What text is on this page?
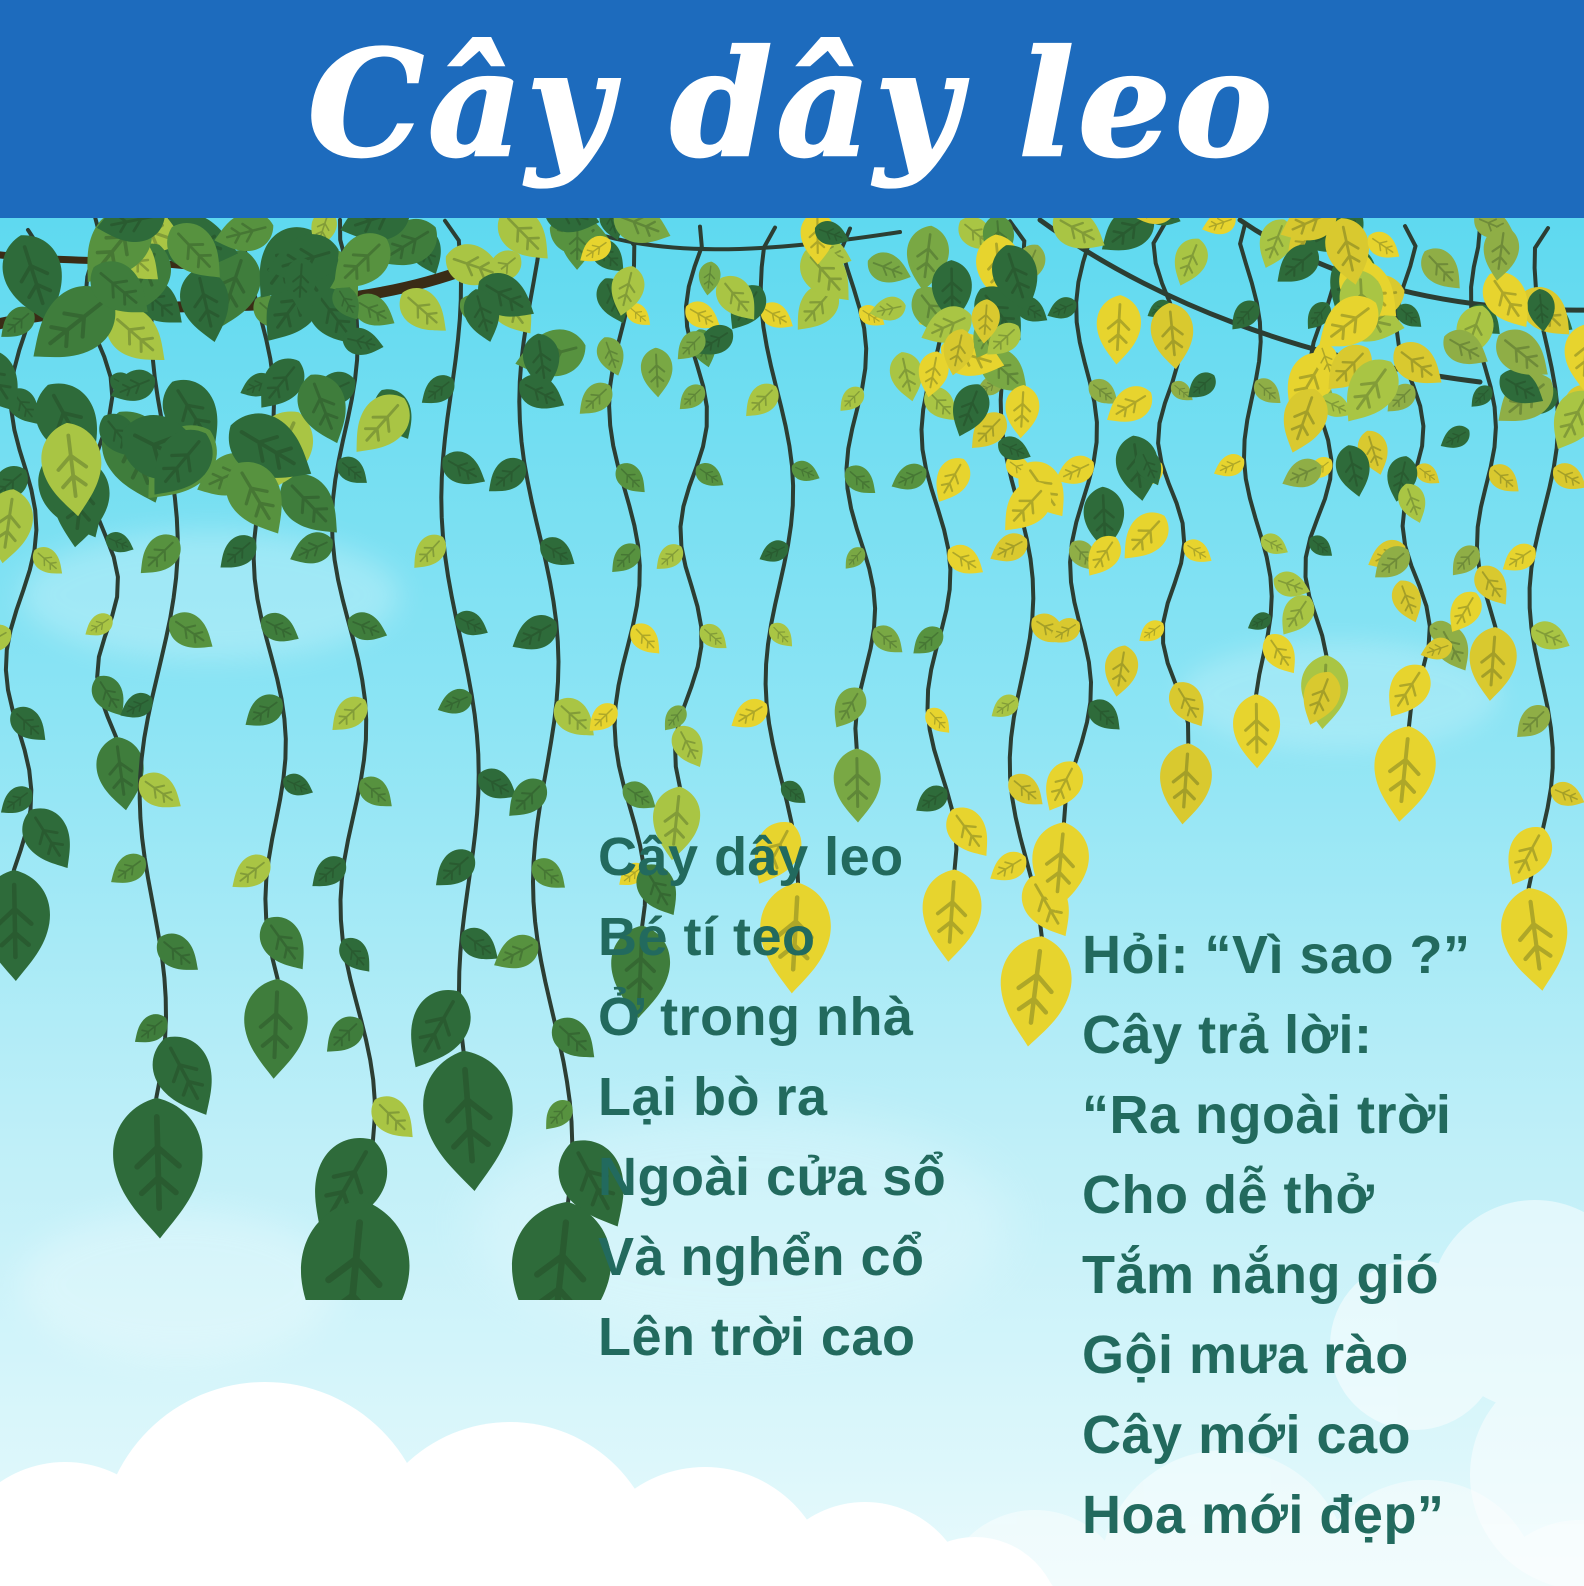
Cây dây leo
Bé tí teo
Ở trong nhà
Lại bò ra
Ngoài cửa sổ
Và nghển cổ
Lên trời cao
Hỏi: “Vì sao ?”
Cây trả lời:
“Ra ngoài trời
Cho dễ thở
Tắm nắng gió
Gội mưa rào
Cây mới cao
Hoa mới đẹp”
Cây dây leo
